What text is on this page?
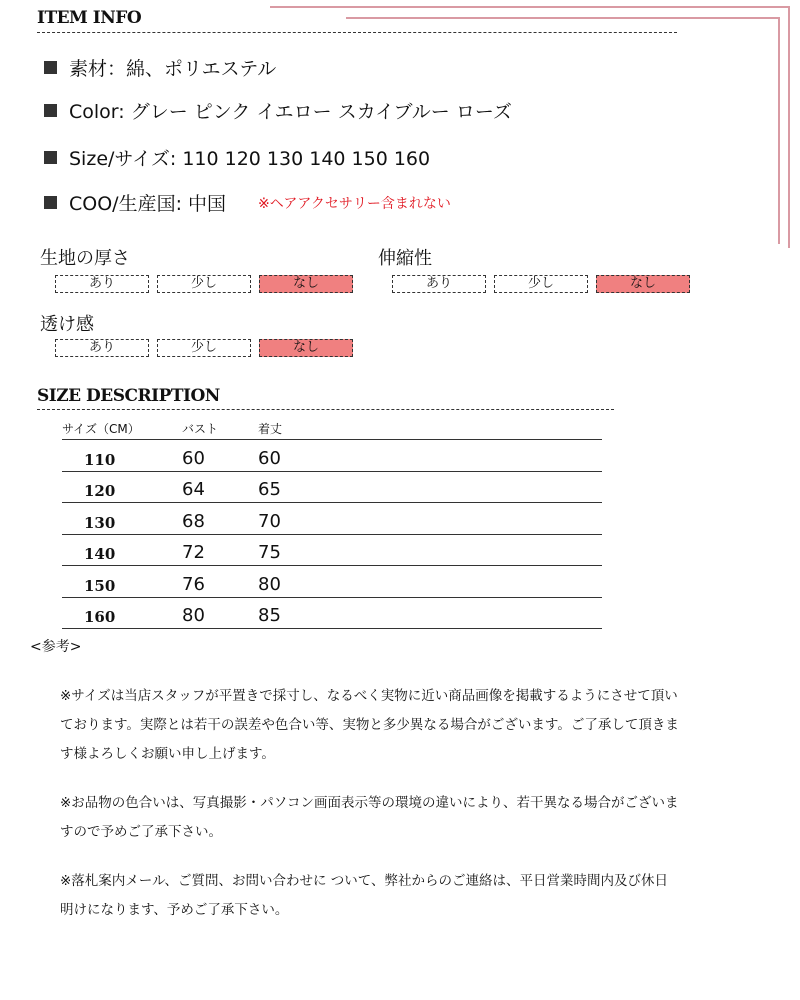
ITEM INFO
素材：綿、ポリエステル
Color: グレー ピンク イエロー スカイブルー ローズ
Size/サイズ: 110 120 130 140 150 160
COO/生産国: 中国 ※ヘアアクセサリー含まれない
生地の厚さ
あり	少し	なし
伸縮性
あり	少し	なし
透け感
あり	少し	なし
SIZE DESCRIPTION
サイズ（CM）	バスト	着丈
110	60	60
120	64	65
130	68	70
140	72	75
150	76	80
160	80	85
<参考>
※サイズは当店スタッフが平置きで採寸し、なるべく実物に近い商品画像を掲載するようにさせて頂いております。実際とは若干の誤差や色合い等、実物と多少異なる場合がございます。ご了承して頂きます様よろしくお願い申し上げます。
※お品物の色合いは、写真撮影・パソコン画面表示等の環境の違いにより、若干異なる場合がございますので予めご了承下さい。
※落札案内メール、ご質問、お問い合わせに ついて、弊社からのご連絡は、平日営業時間内及び休日明けになります、予めご了承下さい。
